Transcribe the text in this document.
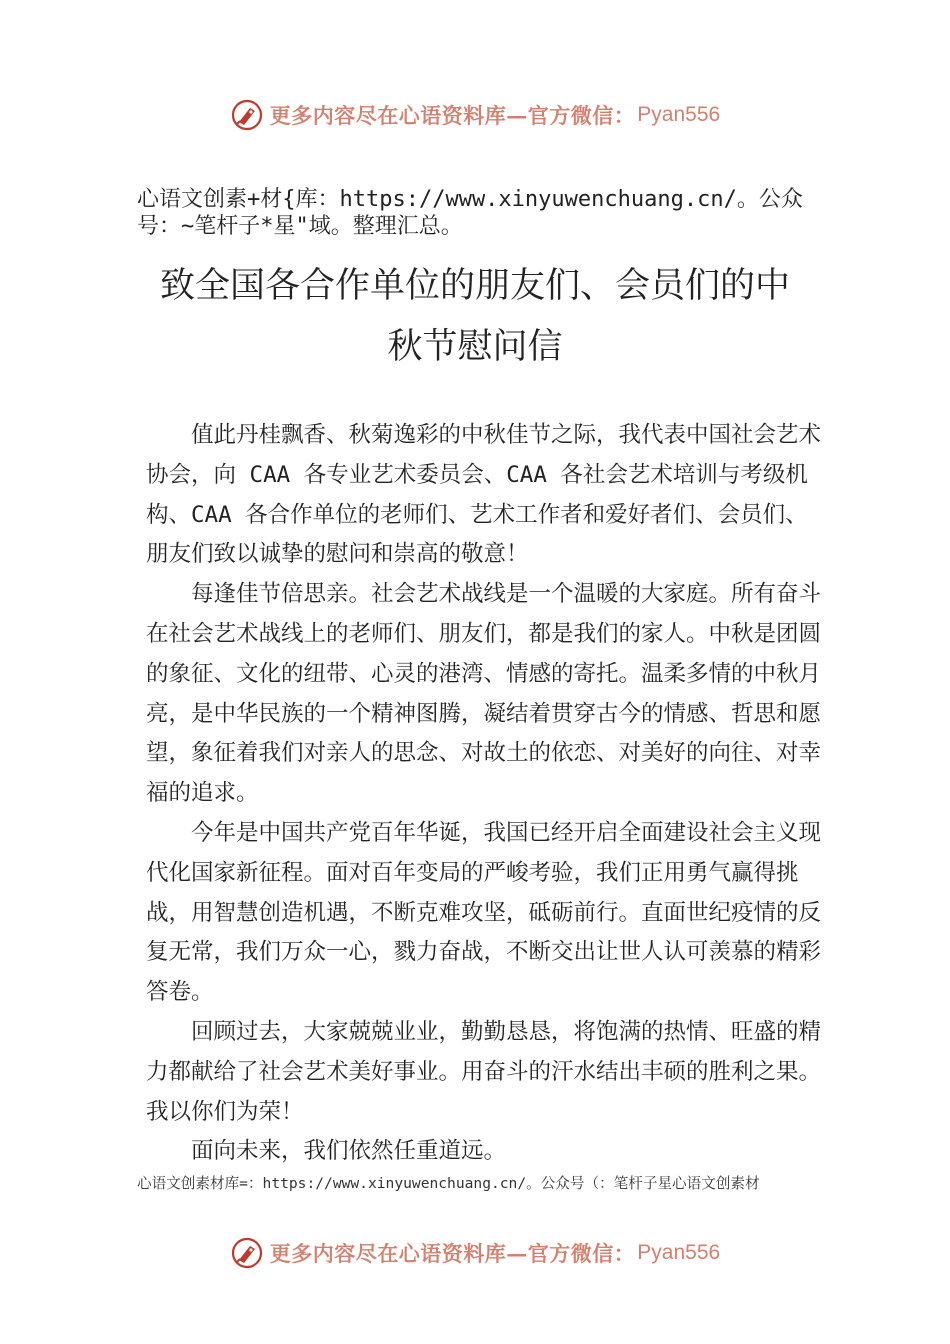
更多内容尽在心语资料库—官方微信： Pyan556
心语文创素+材{库：https://www.xinyuwenchuang.cn/。公众号：~笔杆子*星"域。整理汇总。
致全国各合作单位的朋友们、会员们的中
秋节慰问信

值此丹桂飘香、秋菊逸彩的中秋佳节之际，我代表中国社会艺术协会，向 CAA 各专业艺术委员会、CAA 各社会艺术培训与考级机构、CAA 各合作单位的老师们、艺术工作者和爱好者们、会员们、朋友们致以诚挚的慰问和崇高的敬意！

每逢佳节倍思亲。社会艺术战线是一个温暖的大家庭。所有奋斗在社会艺术战线上的老师们、朋友们，都是我们的家人。中秋是团圆的象征、文化的纽带、心灵的港湾、情感的寄托。温柔多情的中秋月亮，是中华民族的一个精神图腾，凝结着贯穿古今的情感、哲思和愿望，象征着我们对亲人的思念、对故土的依恋、对美好的向往、对幸福的追求。

今年是中国共产党百年华诞，我国已经开启全面建设社会主义现代化国家新征程。面对百年变局的严峻考验，我们正用勇气赢得挑战，用智慧创造机遇，不断克难攻坚，砥砺前行。直面世纪疫情的反复无常，我们万众一心，戮力奋战，不断交出让世人认可羡慕的精彩答卷。

回顾过去，大家兢兢业业，勤勤恳恳，将饱满的热情、旺盛的精力都献给了社会艺术美好事业。用奋斗的汗水结出丰硕的胜利之果。我以你们为荣！

面向未来，我们依然任重道远。

心语文创素材库=：https://www.xinyuwenchuang.cn/。公众号（：笔杆子星心语文创素材
更多内容尽在心语资料库—官方微信： Pyan556
